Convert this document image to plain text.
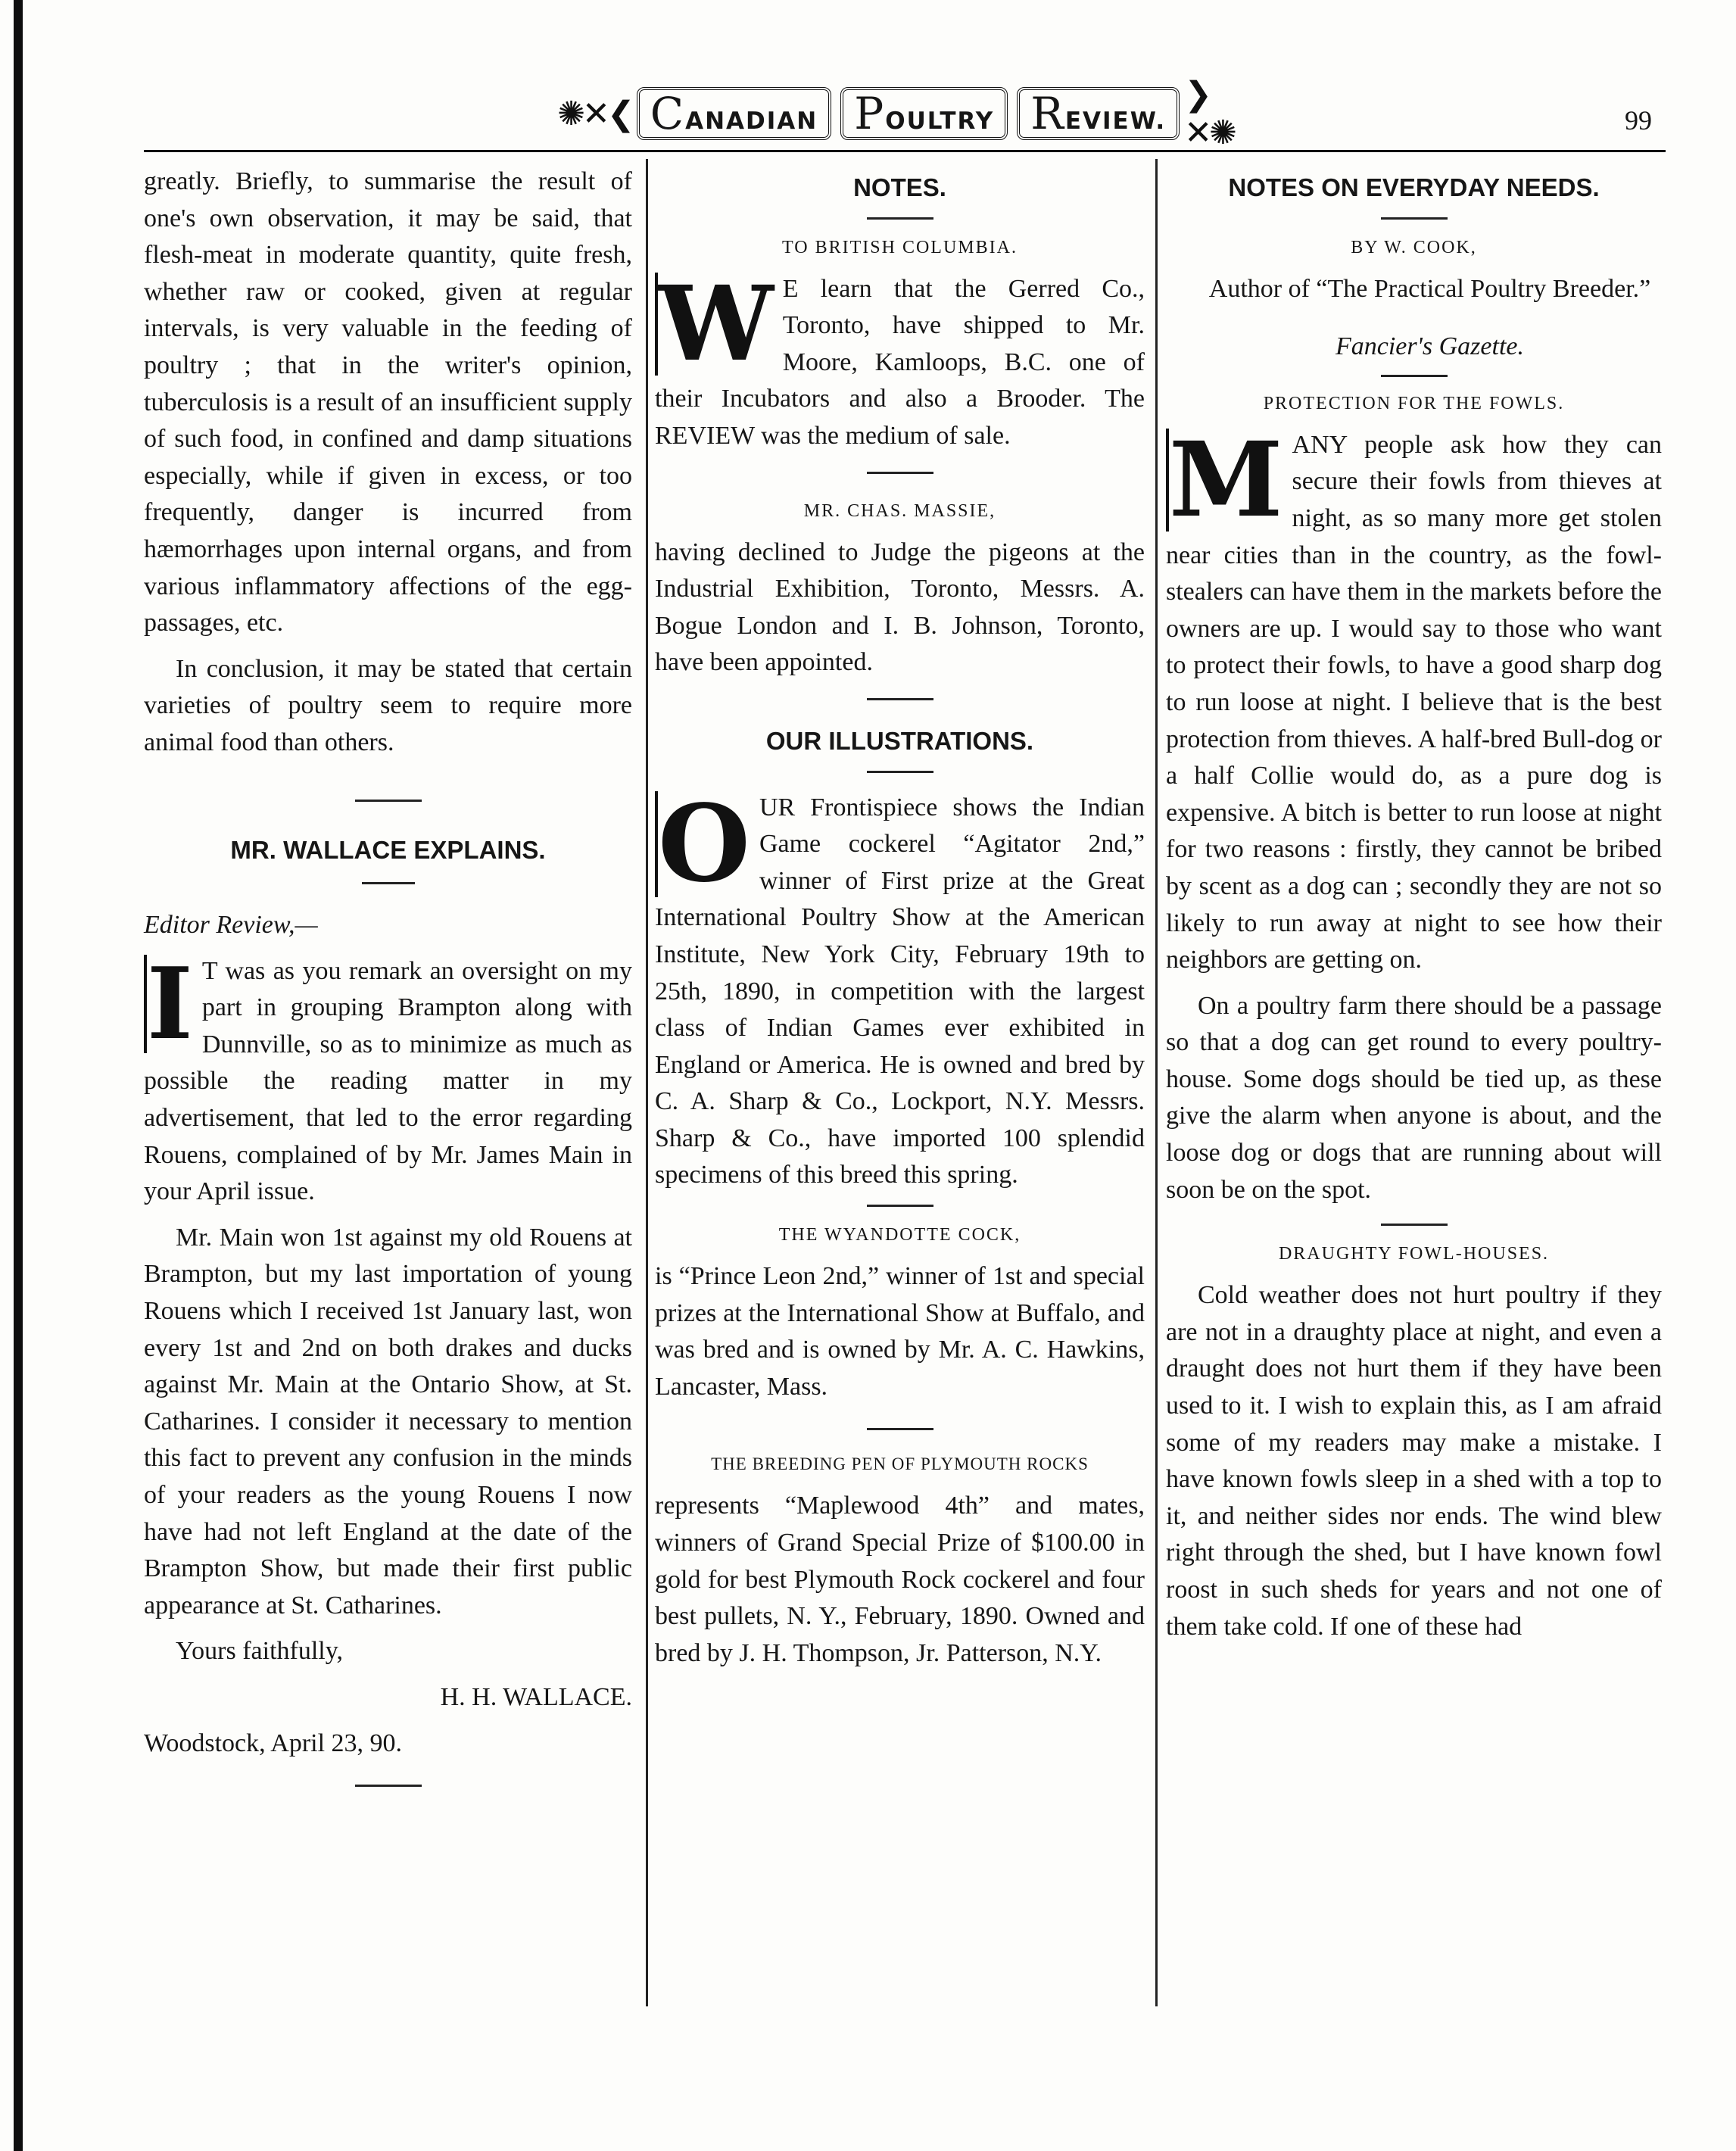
✺✕❮ CANADIAN POULTRY REVIEW.
❯✕✺	99

greatly. Briefly, to summarise the result of one's own observation, it may be said, that flesh-meat in moderate quantity, quite fresh, whether raw or cooked, given at regular intervals, is very valuable in the feeding of poultry ; that in the writer's opinion, tuberculosis is a result of an insufficient supply of such food, in confined and damp situations especially, while if given in excess, or too frequently, danger is incurred from hæmorrhages upon internal organs, and from various inflammatory affections of the egg-passages, etc.

In conclusion, it may be stated that certain varieties of poultry seem to require more animal food than others.

MR. WALLACE EXPLAINS.

Editor Review,—

I T was as you remark an oversight on my part in grouping Brampton along with Dunnville, so as to minimize as much as possible the reading matter in my advertisement, that led to the error regarding Rouens, complained of by Mr. James Main in your April issue.

Mr. Main won 1st against my old Rouens at Brampton, but my last importation of young Rouens which I received 1st January last, won every 1st and 2nd on both drakes and ducks against Mr. Main at the Ontario Show, at St. Catharines. I consider it necessary to mention this fact to prevent any confusion in the minds of your readers as the young Rouens I now have had not left England at the date of the Brampton Show, but made their first public appearance at St. Catharines.

Yours faithfully,

H. H. WALLACE.

Woodstock, April 23, 90.

NOTES.
TO BRITISH COLUMBIA.

W E learn that the Gerred Co., Toronto, have shipped to Mr. Moore, Kamloops, B.C. one of their Incubators and also a Brooder. The REVIEW was the medium of sale.

MR. CHAS. MASSIE,

having declined to Judge the pigeons at the Industrial Exhibition, Toronto, Messrs. A. Bogue London and I. B. Johnson, Toronto, have been appointed.

OUR ILLUSTRATIONS.

O UR Frontispiece shows the Indian Game cockerel “Agitator 2nd,” winner of First prize at the Great International Poultry Show at the American Institute, New York City, February 19th to 25th, 1890, in competition with the largest class of Indian Games ever exhibited in England or America. He is owned and bred by C. A. Sharp & Co., Lockport, N.Y. Messrs. Sharp & Co., have imported 100 splendid specimens of this breed this spring.

THE WYANDOTTE COCK,

is “Prince Leon 2nd,” winner of 1st and special prizes at the International Show at Buffalo, and was bred and is owned by Mr. A. C. Hawkins, Lancaster, Mass.

THE BREEDING PEN OF PLYMOUTH ROCKS

represents “Maplewood 4th” and mates, winners of Grand Special Prize of $100.00 in gold for best Plymouth Rock cockerel and four best pullets, N. Y., February, 1890. Owned and bred by J. H. Thompson, Jr. Patterson, N.Y.

NOTES ON EVERYDAY NEEDS.
BY W. COOK,

Author of “The Practical Poultry Breeder.”

Fancier's Gazette.

PROTECTION FOR THE FOWLS.

M ANY people ask how they can secure their fowls from thieves at night, as so many more get stolen near cities than in the country, as the fowl-stealers can have them in the markets before the owners are up. I would say to those who want to protect their fowls, to have a good sharp dog to run loose at night. I believe that is the best protection from thieves. A half-bred Bull-dog or a half Collie would do, as a pure dog is expensive. A bitch is better to run loose at night for two reasons : firstly, they cannot be bribed by scent as a dog can ; secondly they are not so likely to run away at night to see how their neighbors are getting on.

On a poultry farm there should be a passage so that a dog can get round to every poultry-house. Some dogs should be tied up, as these give the alarm when anyone is about, and the loose dog or dogs that are running about will soon be on the spot.

DRAUGHTY FOWL-HOUSES.

Cold weather does not hurt poultry if they are not in a draughty place at night, and even a draught does not hurt them if they have been used to it. I wish to explain this, as I am afraid some of my readers may make a mistake. I have known fowls sleep in a shed with a top to it, and neither sides nor ends. The wind blew right through the shed, but I have known fowl roost in such sheds for years and not one of them take cold. If one of these had
